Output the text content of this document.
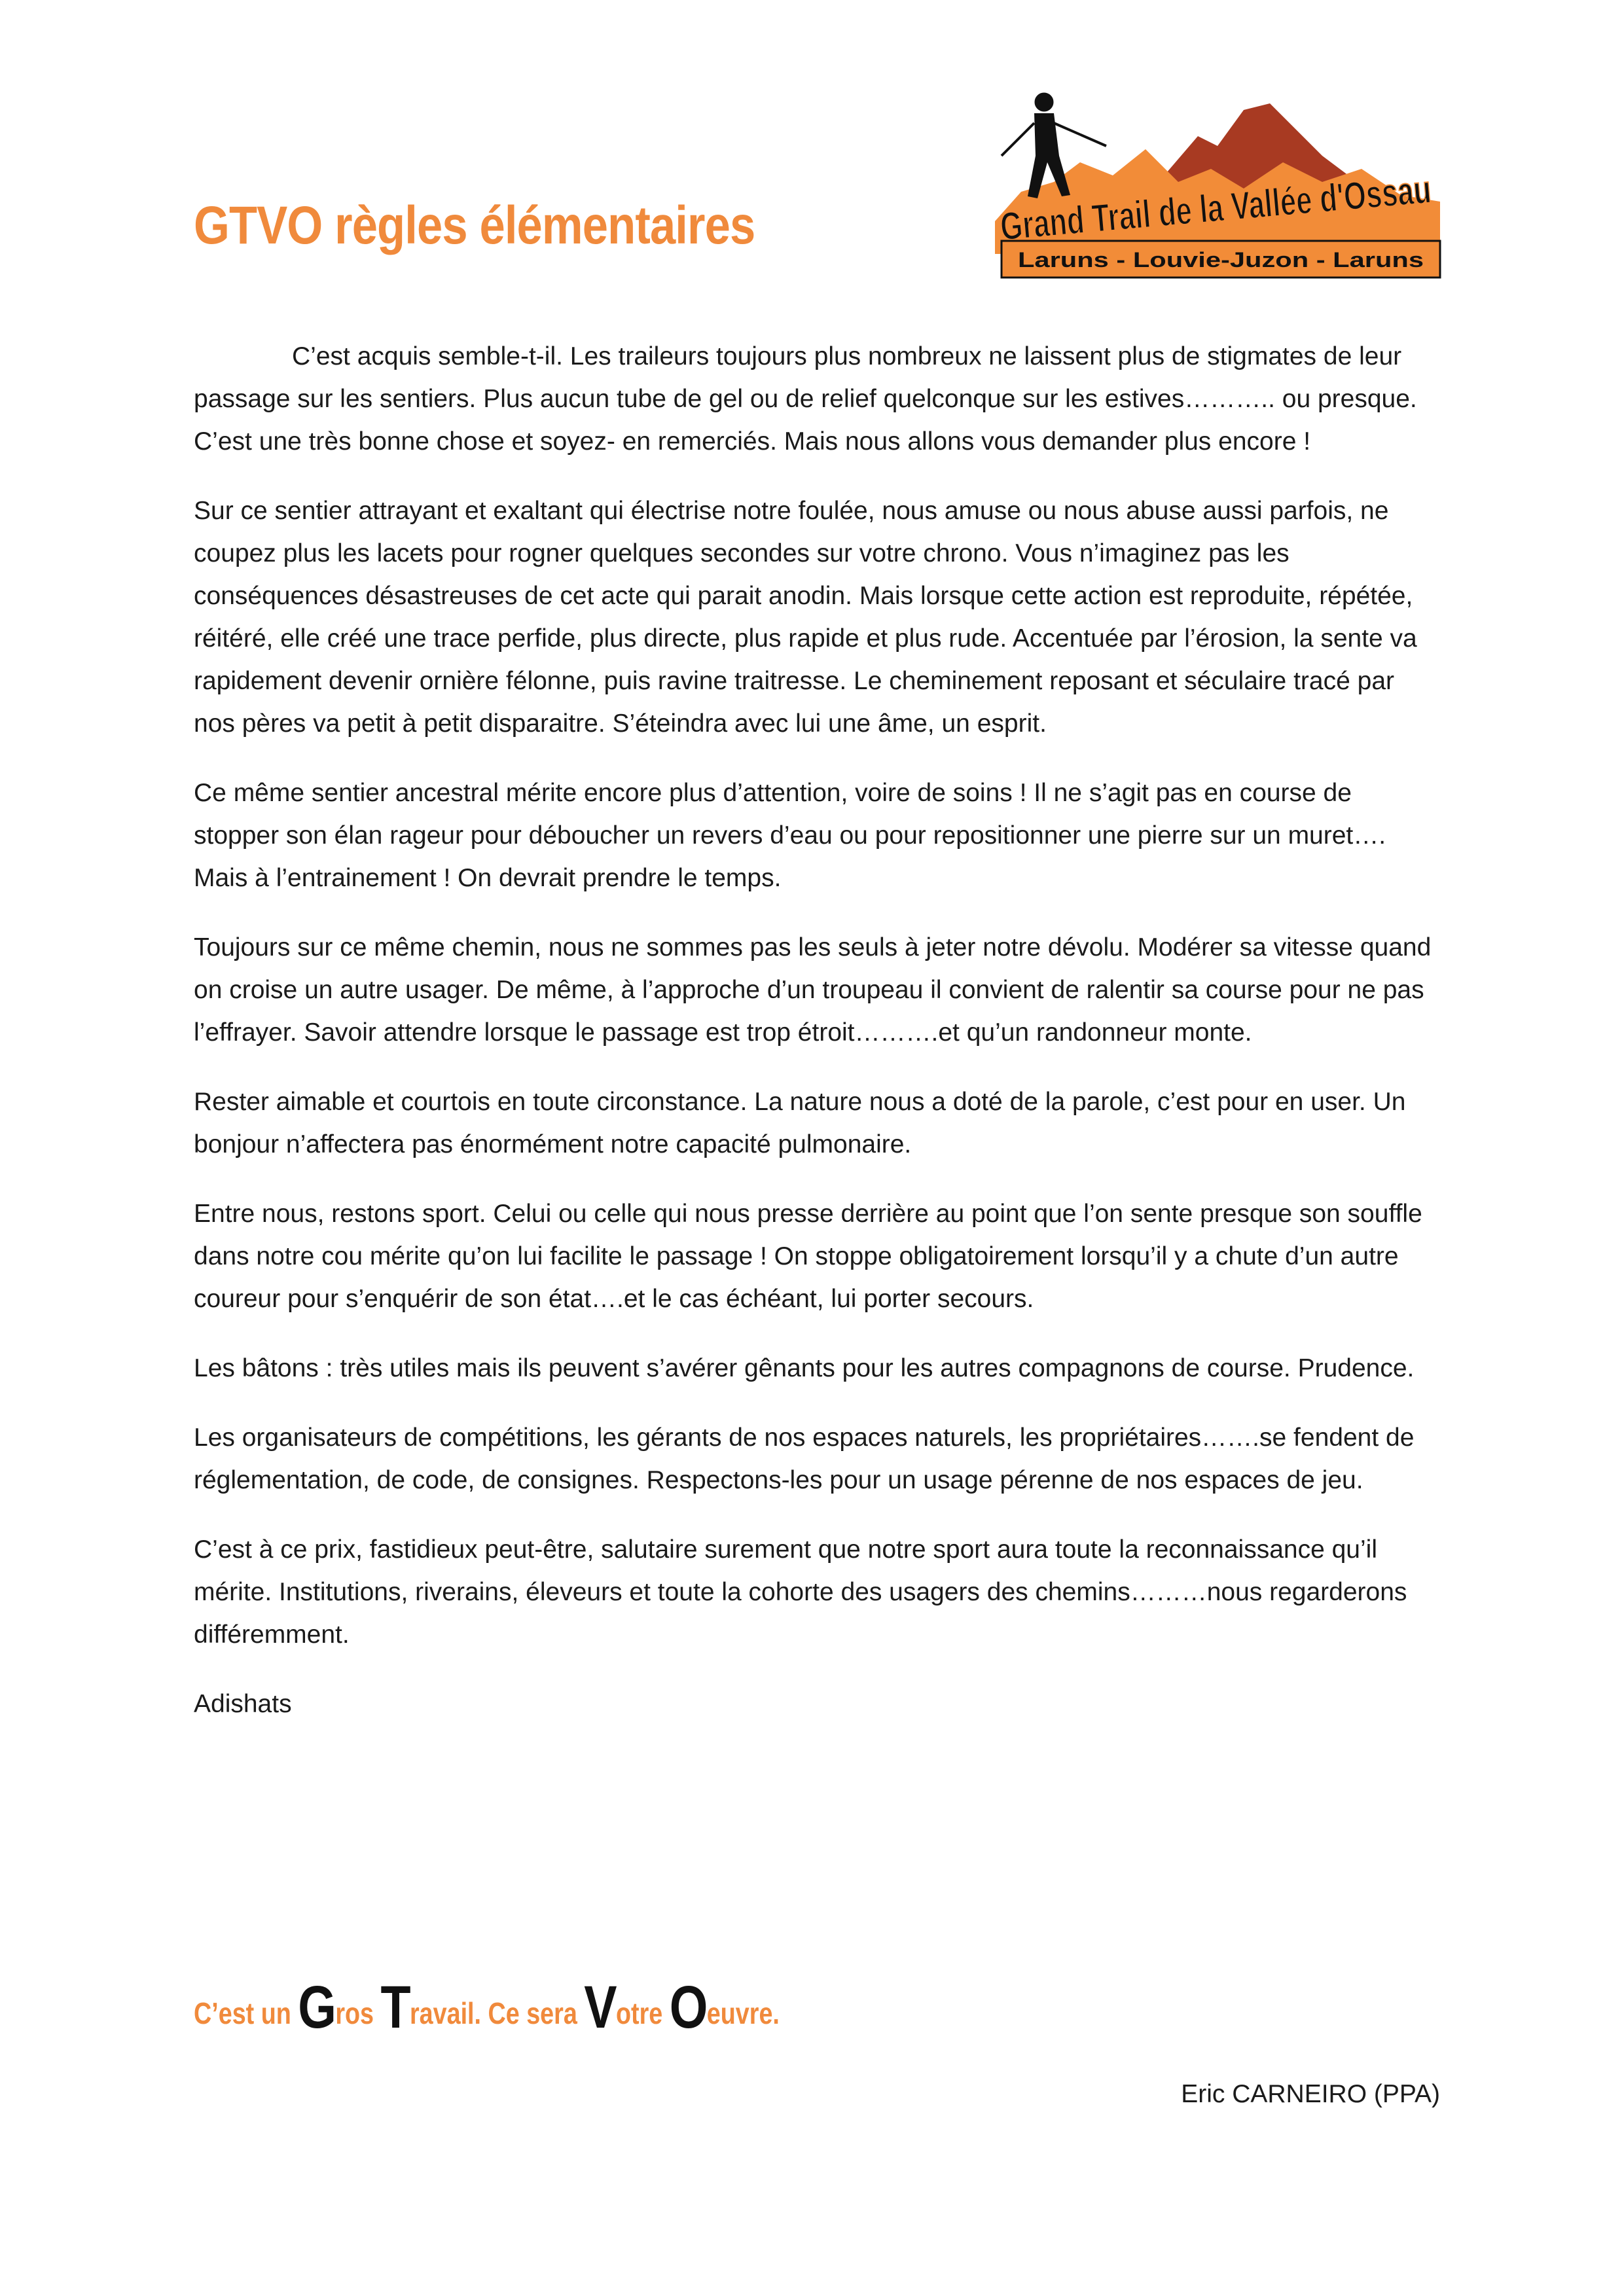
GTVO règles élémentaires	Grand Trail de la Vallée d'Ossau
Laruns - Louvie-Juzon - Laruns

C’est acquis semble-t-il. Les traileurs toujours plus nombreux ne laissent plus de stigmates de leur passage sur les sentiers. Plus aucun tube de gel ou de relief quelconque sur les estives……….. ou presque. C’est une très bonne chose et soyez- en remerciés. Mais nous allons vous demander plus encore !

Sur ce sentier attrayant et exaltant qui électrise notre foulée, nous amuse ou nous abuse aussi parfois, ne coupez plus les lacets pour rogner quelques secondes sur votre chrono. Vous n’imaginez pas les conséquences désastreuses de cet acte qui parait anodin. Mais lorsque cette action est reproduite, répétée, réitéré, elle créé une trace perfide, plus directe, plus rapide et plus rude. Accentuée par l’érosion, la sente va rapidement devenir ornière félonne, puis ravine traitresse. Le cheminement reposant et séculaire tracé par nos pères va petit à petit disparaitre. S’éteindra avec lui une âme, un esprit.

Ce même sentier ancestral mérite encore plus d’attention, voire de soins ! Il ne s’agit pas en course de stopper son élan rageur pour déboucher un revers d’eau ou pour repositionner une pierre sur un muret…. Mais à l’entrainement ! On devrait prendre le temps.

Toujours sur ce même chemin, nous ne sommes pas les seuls à jeter notre dévolu. Modérer sa vitesse quand on croise un autre usager. De même, à l’approche d’un troupeau il convient de ralentir sa course pour ne pas l’effrayer. Savoir attendre lorsque le passage est trop étroit……….et qu’un randonneur monte.

Rester aimable et courtois en toute circonstance. La nature nous a doté de la parole, c’est pour en user. Un bonjour n’affectera pas énormément notre capacité pulmonaire.

Entre nous, restons sport. Celui ou celle qui nous presse derrière au point que l’on sente presque son souffle dans notre cou mérite qu’on lui facilite le passage ! On stoppe obligatoirement lorsqu’il y a chute d’un autre coureur pour s’enquérir de son état….et le cas échéant, lui porter secours.

Les bâtons : très utiles mais ils peuvent s’avérer gênants pour les autres compagnons de course. Prudence.

Les organisateurs de compétitions, les gérants de nos espaces naturels, les propriétaires…….se fendent de réglementation, de code, de consignes. Respectons-les pour un usage pérenne de nos espaces de jeu.

C’est à ce prix, fastidieux peut-être, salutaire surement que notre sport aura toute la reconnaissance qu’il mérite. Institutions, riverains, éleveurs et toute la cohorte des usagers des chemins………nous regarderons différemment.

Adishats

C’est un Gros Travail. Ce sera Votre Oeuvre.
Eric CARNEIRO (PPA)
